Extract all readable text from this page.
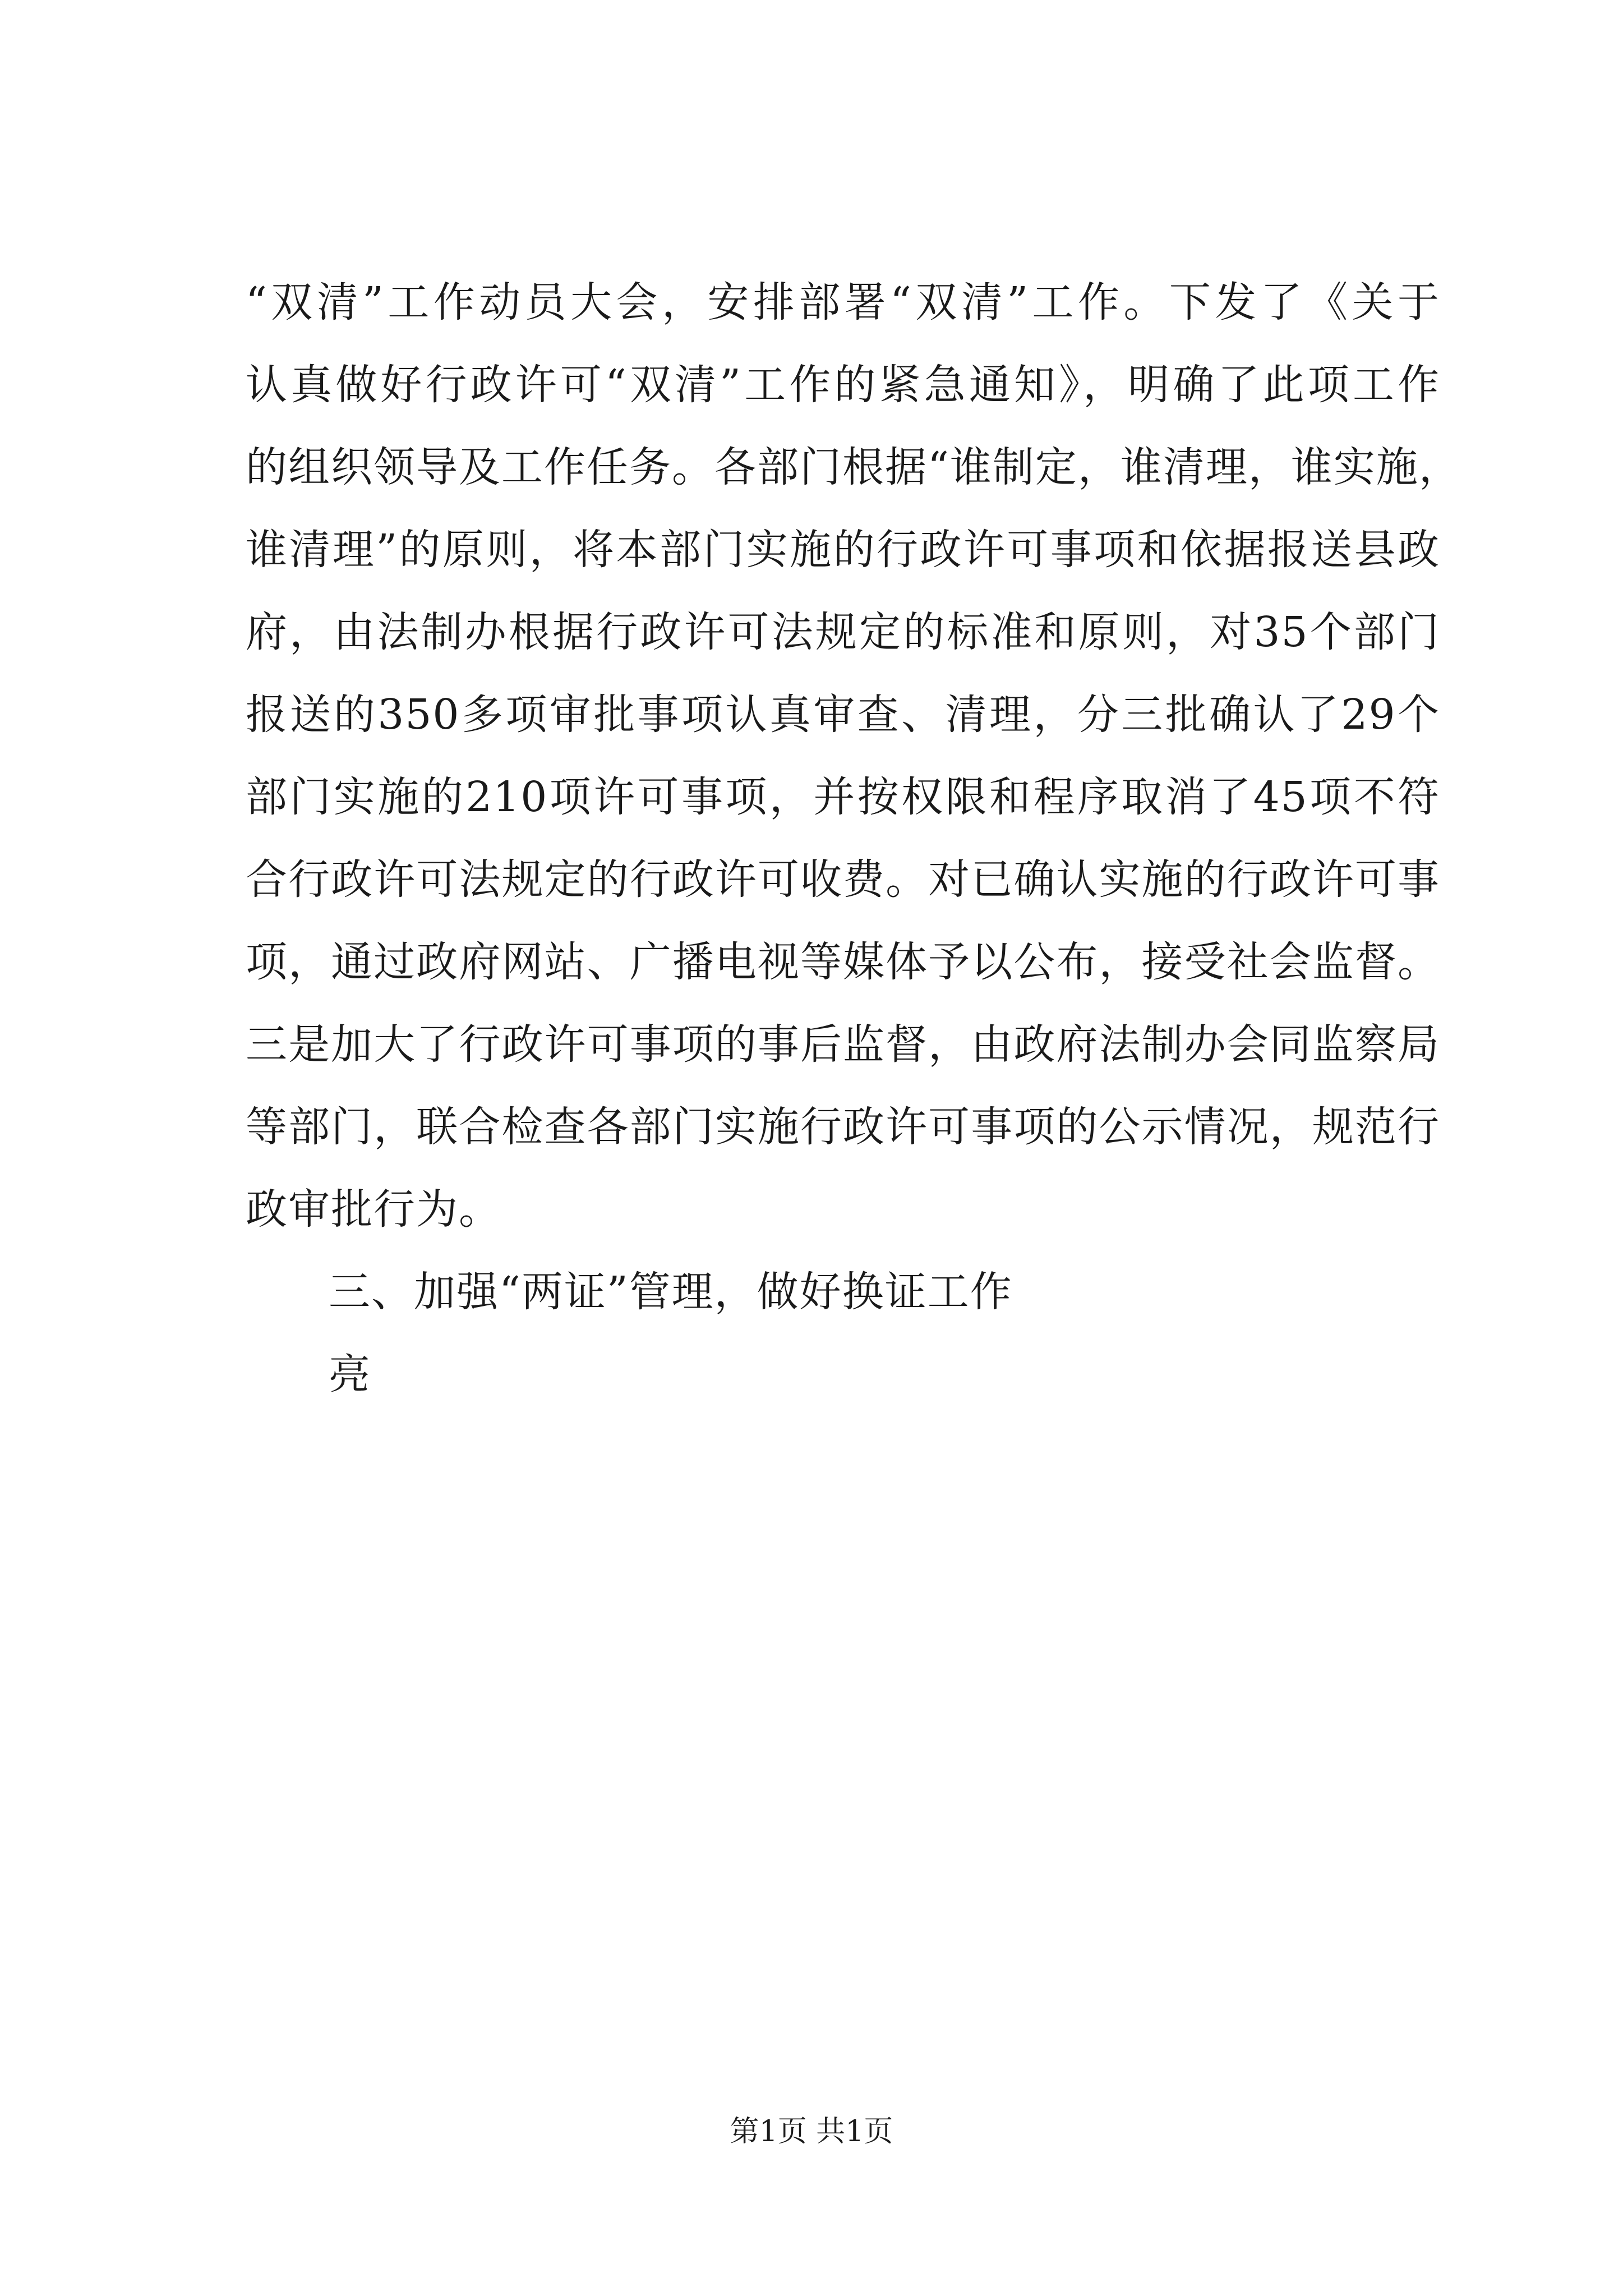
“双清”工作动员大会，安排部署“双清”工作。下发了《关于
认真做好行政许可“双清”工作的紧急通知》，明确了此项工作
的组织领导及工作任务。各部门根据“谁制定，谁清理，谁实施，
谁清理”的原则，将本部门实施的行政许可事项和依据报送县政
府，由法制办根据行政许可法规定的标准和原则，对35个部门
报送的350多项审批事项认真审查、清理，分三批确认了29个
部门实施的210项许可事项，并按权限和程序取消了45项不符
合行政许可法规定的行政许可收费。对已确认实施的行政许可事
项，通过政府网站、广播电视等媒体予以公布，接受社会监督。
三是加大了行政许可事项的事后监督，由政府法制办会同监察局
等部门，联合检查各部门实施行政许可事项的公示情况，规范行
政审批行为。
三、加强“两证”管理，做好换证工作
亮
第1页 共1页
